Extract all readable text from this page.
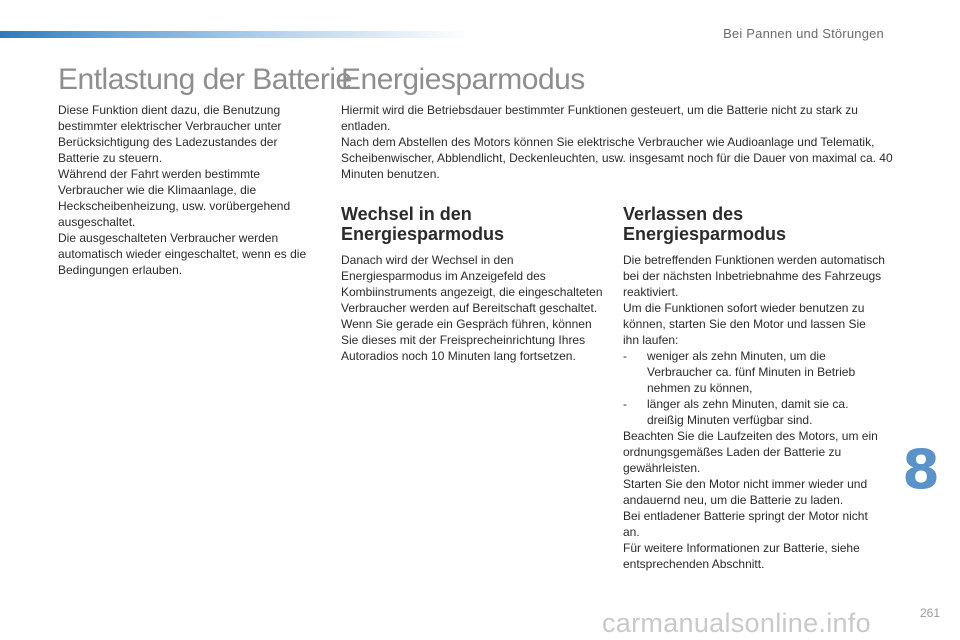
Bei Pannen und Störungen
Entlastung der Batterie
Energiesparmodus

Diese Funktion dient dazu, die Benutzung bestimmter elektrischer Verbraucher unter Berücksichtigung des Ladezustandes der Batterie zu steuern.

Während der Fahrt werden bestimmte Verbraucher wie die Klimaanlage, die Heckscheibenheizung, usw. vorübergehend ausgeschaltet.

Die ausgeschalteten Verbraucher werden automatisch wieder eingeschaltet, wenn es die Bedingungen erlauben.

Hiermit wird die Betriebsdauer bestimmter Funktionen gesteuert, um die Batterie nicht zu stark zu entladen.

Nach dem Abstellen des Motors können Sie elektrische Verbraucher wie Audioanlage und Telematik, Scheibenwischer, Abblendlicht, Deckenleuchten, usw. insgesamt noch für die Dauer von maximal ca. 40 Minuten benutzen.

Wechsel in den Energiesparmodus

Danach wird der Wechsel in den Energiesparmodus im Anzeigefeld des Kombiinstruments angezeigt, die eingeschalteten Verbraucher werden auf Bereitschaft geschaltet.

Wenn Sie gerade ein Gespräch führen, können Sie dieses mit der Freisprecheinrichtung Ihres Autoradios noch 10 Minuten lang fortsetzen.

Verlassen des Energiesparmodus

Die betreffenden Funktionen werden automatisch bei der nächsten Inbetriebnahme des Fahrzeugs reaktiviert.

Um die Funktionen sofort wieder benutzen zu können, starten Sie den Motor und lassen Sie ihn laufen:

-	weniger als zehn Minuten, um die Verbraucher ca. fünf Minuten in Betrieb nehmen zu können,
-	länger als zehn Minuten, damit sie ca. dreißig Minuten verfügbar sind.

Beachten Sie die Laufzeiten des Motors, um ein ordnungsgemäßes Laden der Batterie zu gewährleisten.

Starten Sie den Motor nicht immer wieder und andauernd neu, um die Batterie zu laden.

Bei entladener Batterie springt der Motor nicht an.

Für weitere Informationen zur Batterie, siehe entsprechenden Abschnitt.

8
carmanualsonline.info	261
